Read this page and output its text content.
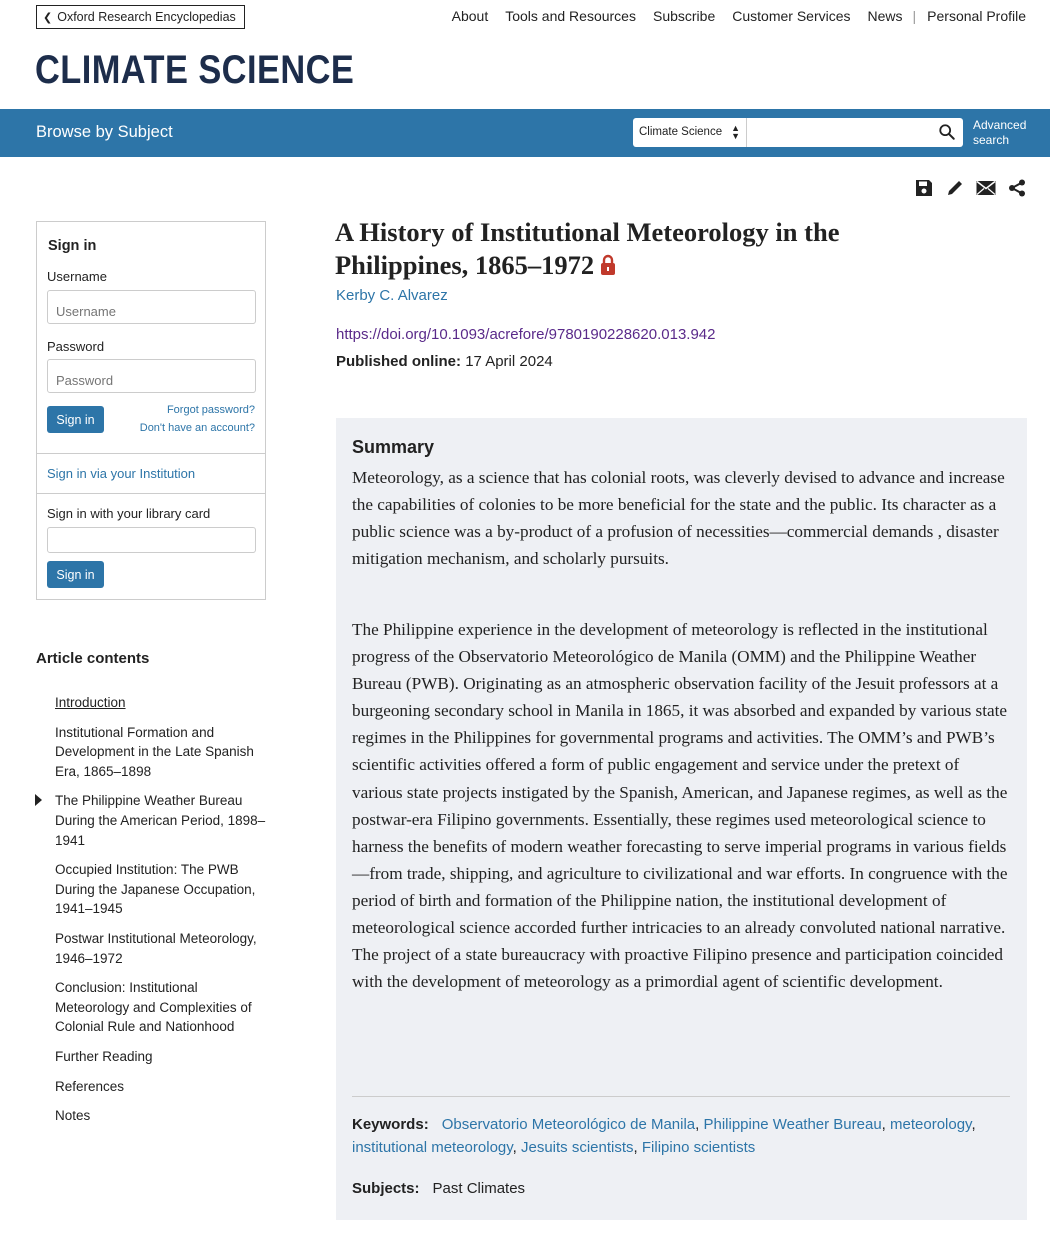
❮ Oxford Research Encyclopedias	About Tools and Resources Subscribe Customer Services News | Personal Profile
CLIMATE SCIENCE
Browse by Subject	Climate Science ▲
▼
Advanced
search
Sign in
Username
Username
Password
Sign in
Forgot password?
Don't have an account?
Sign in via your Institution
Sign in with your library card
Sign in
Article contents
Introduction
Institutional Formation and Development in the Late Spanish Era, 1865–1898
The Philippine Weather Bureau During the American Period, 1898–1941
Occupied Institution: The PWB During the Japanese Occupation, 1941–1945
Postwar Institutional Meteorology, 1946–1972
Conclusion: Institutional Meteorology and Complexities of Colonial Rule and Nationhood
Further Reading
References
Notes
A History of Institutional Meteorology in the Philippines, 1865–1972
Kerby C. Alvarez
https://doi.org/10.1093/acrefore/9780190228620.013.942
Published online: 17 April 2024
Summary
Meteorology, as a science that has colonial roots, was cleverly devised to advance and increase the capabilities of colonies to be more beneficial for the state and the public. Its character as a public science was a by-product of a profusion of necessities—commercial demands , disaster mitigation mechanism, and scholarly pursuits.
The Philippine experience in the development of meteorology is reflected in the institutional progress of the Observatorio Meteorológico de Manila (OMM) and the Philippine Weather Bureau (PWB). Originating as an atmospheric observation facility of the Jesuit professors at a burgeoning secondary school in Manila in 1865, it was absorbed and expanded by various state regimes in the Philippines for governmental programs and activities. The OMM’s and PWB’s scientific activities offered a form of public engagement and service under the pretext of various state projects instigated by the Spanish, American, and Japanese regimes, as well as the postwar-era Filipino governments. Essentially, these regimes used meteorological science to harness the benefits of modern weather forecasting to serve imperial programs in various fields—from trade, shipping, and agriculture to civilizational and war efforts. In congruence with the period of birth and formation of the Philippine nation, the institutional development of meteorological science accorded further intricacies to an already convoluted national narrative. The project of a state bureaucracy with proactive Filipino presence and participation coincided with the development of meteorology as a primordial agent of scientific development.
Keywords: Observatorio Meteorológico de Manila, Philippine Weather Bureau, meteorology, institutional meteorology, Jesuits scientists, Filipino scientists
Subjects: Past Climates
